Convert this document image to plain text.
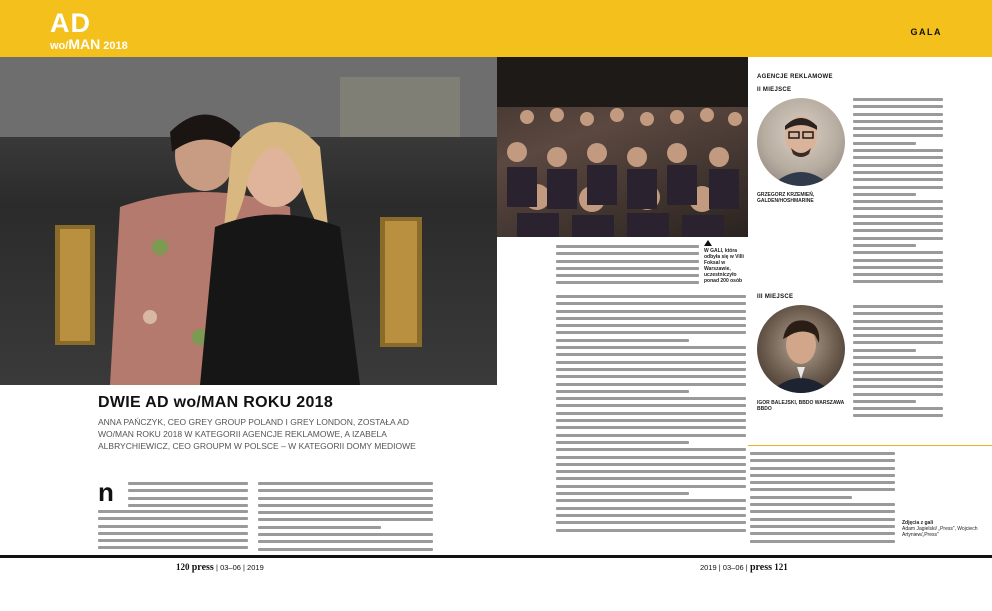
AD
wo/MAN 2018
GALA
DWIE AD wo/MAN ROKU 2018
ANNA PAŃCZYK, CEO GREY GROUP POLAND I GREY LONDON, ZOSTAŁA AD WO/MAN ROKU 2018 W KATEGORII AGENCJE REKLAMOWE, A IZABELA ALBRYCHIEWICZ, CEO GROUPM W POLSCE – W KATEGORII DOMY MEDIOWE
n
W GALI, która odbyła się w Villi Foksal w Warszawie, uczestniczyło ponad 200 osób
AGENCJE REKLAMOWE
II MIEJSCE
GRZEGORZ KRZEMIEŃ, GALDEN/HOSHMARINE
III MIEJSCE
IGOR BALEJSKI, BBDO WARSZAWA BBDO
Zdjęcia z gali
Adam Jagielski/ „Press”, Wojciech Artyniew/„Press”
120 press | 03–06 | 2019	2019 | 03–06 | press 121
